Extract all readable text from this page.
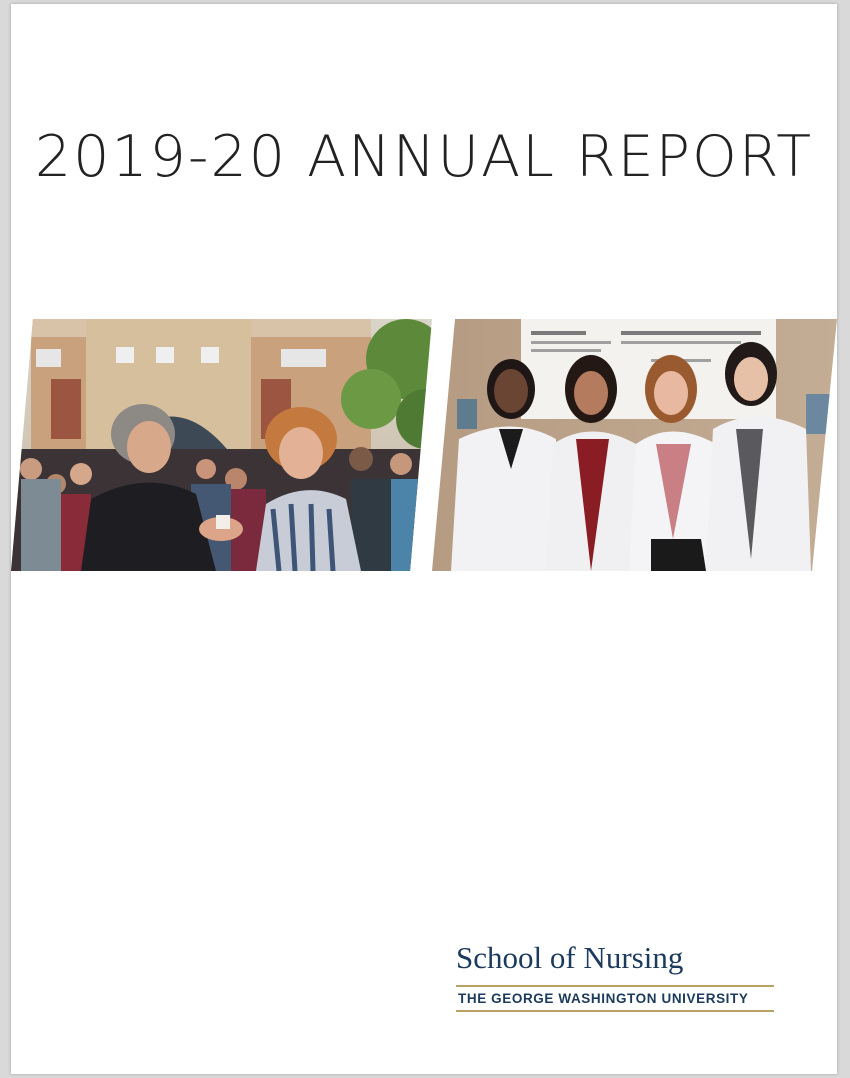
2019-20 ANNUAL REPORT
School of Nursing
THE GEORGE WASHINGTON UNIVERSITY
